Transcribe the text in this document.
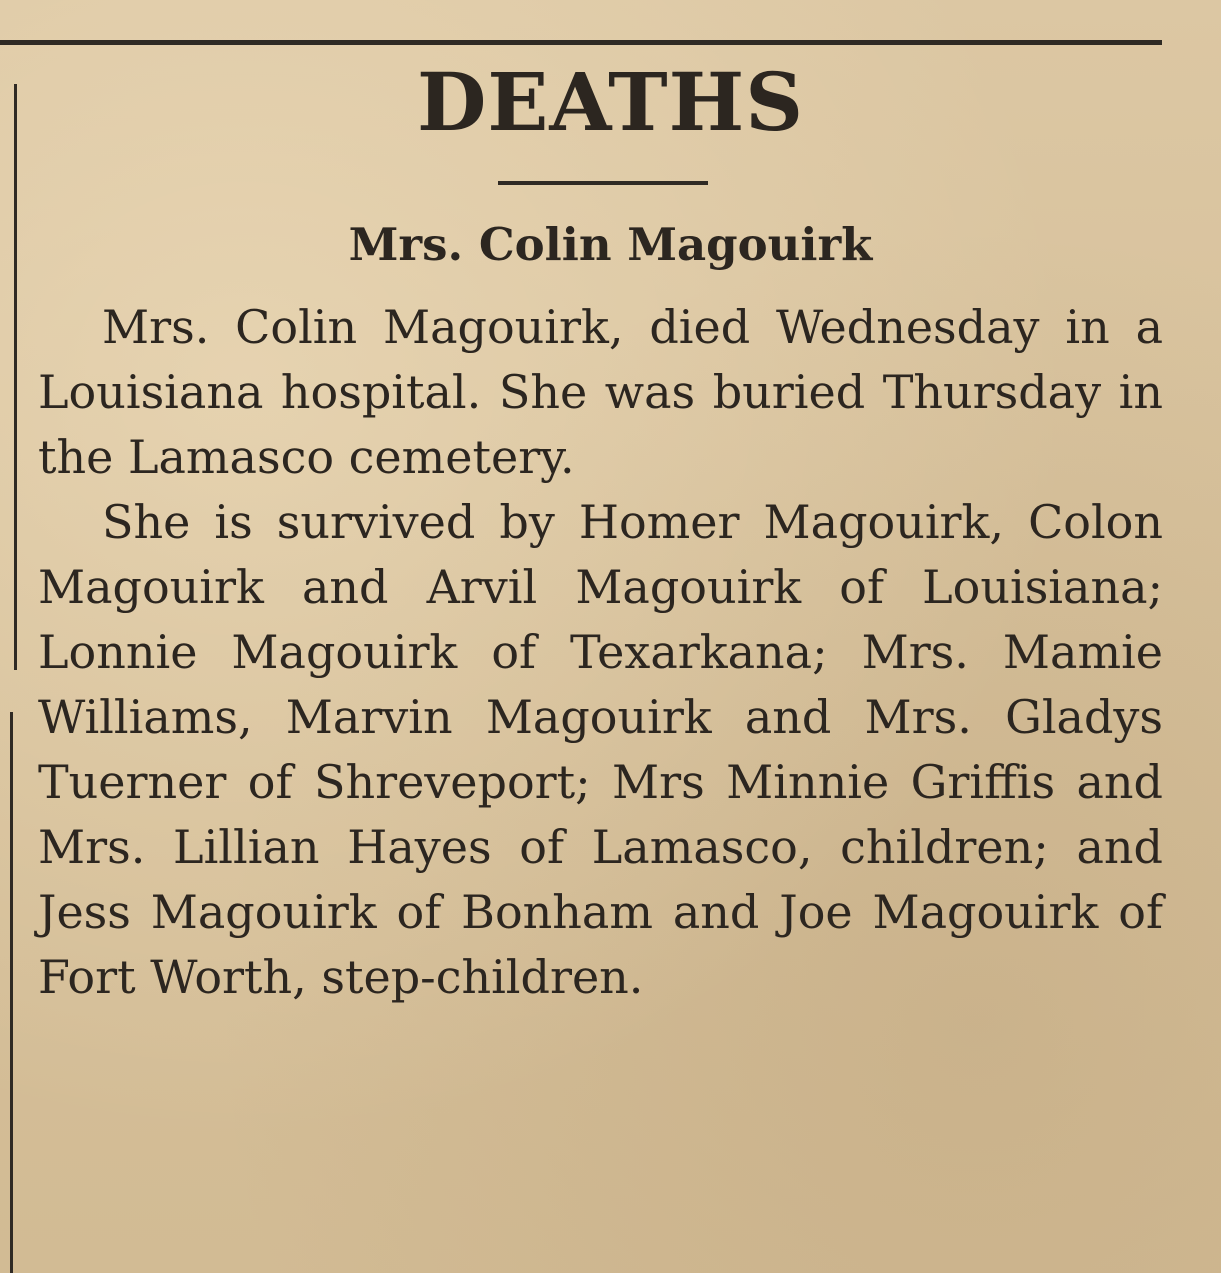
DEATHS
Mrs. Colin Magouirk

Mrs. Colin Magouirk, died Wednesday in a Louisiana hospital. She was buried Thursday in the Lamasco cemetery.

She is survived by Homer Magouirk, Colon Magouirk and Arvil Magouirk of Louisiana; Lonnie Magouirk of Texarkana; Mrs. Mamie Williams, Marvin Magouirk and Mrs. Gladys Tuerner of Shreveport; Mrs Minnie Griffis and Mrs. Lillian Hayes of Lamasco, children; and Jess Magouirk of Bonham and Joe Magouirk of Fort Worth, step-children.
